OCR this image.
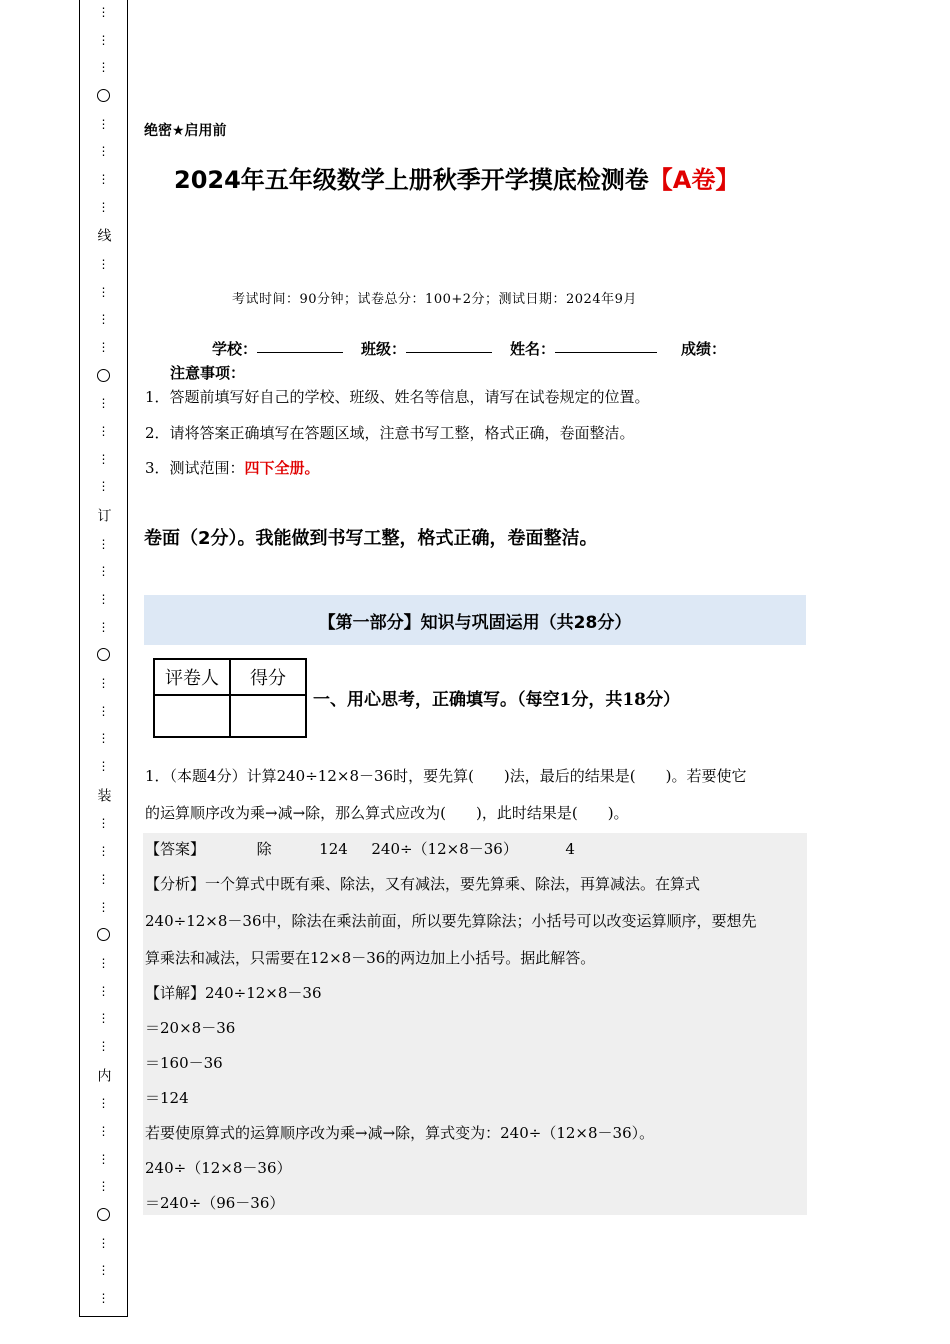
⋮
⋮
⋮
⋮
⋮
⋮
⋮
线
⋮
⋮
⋮
⋮
⋮
⋮
⋮
⋮
订
⋮
⋮
⋮
⋮
⋮
⋮
⋮
⋮
装
⋮
⋮
⋮
⋮
⋮
⋮
⋮
⋮
内
⋮
⋮
⋮
⋮
⋮
⋮
⋮
绝密★启用前
2024年五年级数学上册秋季开学摸底检测卷【A卷】
考试时间：90分钟；试卷总分：100+2分；测试日期：2024年9月
学校：	班级：	姓名：	成绩：
注意事项：
1．答题前填写好自己的学校、班级、姓名等信息，请写在试卷规定的位置。
2．请将答案正确填写在答题区域，注意书写工整，格式正确，卷面整洁。
3．测试范围：四下全册。
卷面（2分）。我能做到书写工整，格式正确，卷面整洁。
【第一部分】知识与巩固运用（共28分）
评卷人	得分

一、用心思考，正确填写。（每空1分，共18分）
1．（本题4分）计算240÷12×8－36时，要先算(　　)法，最后的结果是(　　)。若要使它
的运算顺序改为乘→减→除，那么算式应改为(　　)，此时结果是(　　)。
【答案】	除	124 240÷（12×8－36）	4
【分析】一个算式中既有乘、除法，又有减法，要先算乘、除法，再算减法。在算式
240÷12×8－36中，除法在乘法前面，所以要先算除法；小括号可以改变运算顺序，要想先
算乘法和减法，只需要在12×8－36的两边加上小括号。据此解答。
【详解】240÷12×8－36
＝20×8－36
＝160－36
＝124
若要使原算式的运算顺序改为乘→减→除，算式变为：240÷（12×8－36）。
240÷（12×8－36）
＝240÷（96－36）
